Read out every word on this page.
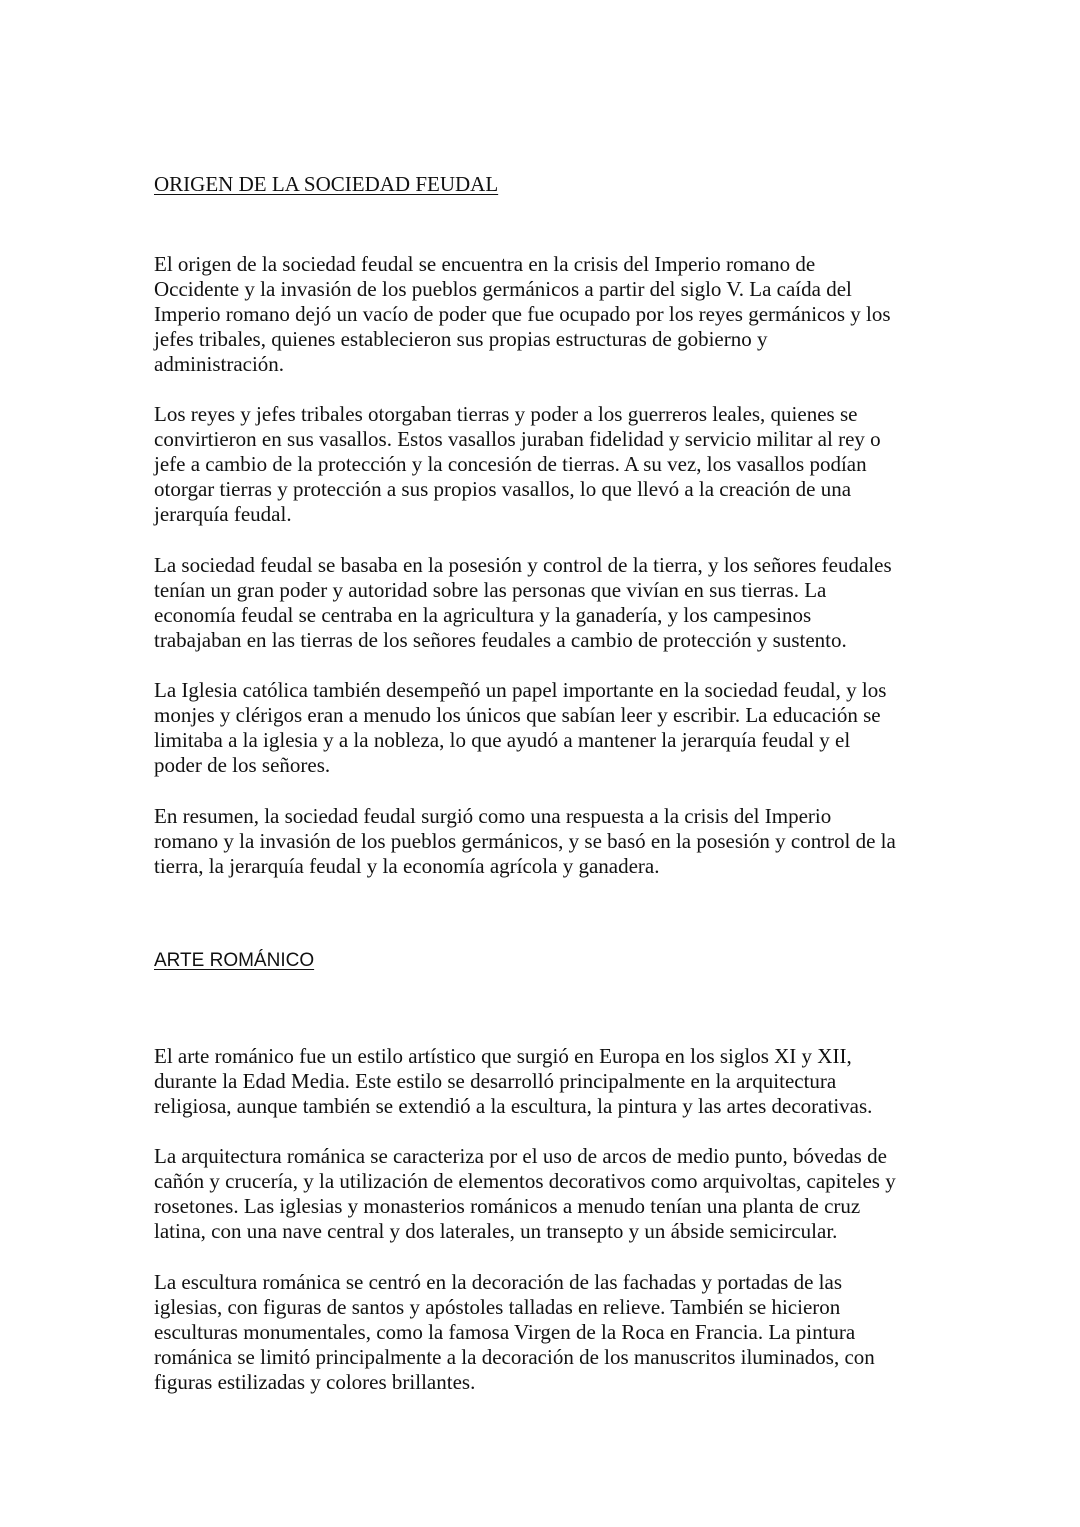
ORIGEN DE LA SOCIEDAD FEUDAL

El origen de la sociedad feudal se encuentra en la crisis del Imperio romano de
Occidente y la invasión de los pueblos germánicos a partir del siglo V. La caída del
Imperio romano dejó un vacío de poder que fue ocupado por los reyes germánicos y los
jefes tribales, quienes establecieron sus propias estructuras de gobierno y
administración.

Los reyes y jefes tribales otorgaban tierras y poder a los guerreros leales, quienes se
convirtieron en sus vasallos. Estos vasallos juraban fidelidad y servicio militar al rey o
jefe a cambio de la protección y la concesión de tierras. A su vez, los vasallos podían
otorgar tierras y protección a sus propios vasallos, lo que llevó a la creación de una
jerarquía feudal.

La sociedad feudal se basaba en la posesión y control de la tierra, y los señores feudales
tenían un gran poder y autoridad sobre las personas que vivían en sus tierras. La
economía feudal se centraba en la agricultura y la ganadería, y los campesinos
trabajaban en las tierras de los señores feudales a cambio de protección y sustento.

La Iglesia católica también desempeñó un papel importante en la sociedad feudal, y los
monjes y clérigos eran a menudo los únicos que sabían leer y escribir. La educación se
limitaba a la iglesia y a la nobleza, lo que ayudó a mantener la jerarquía feudal y el
poder de los señores.

En resumen, la sociedad feudal surgió como una respuesta a la crisis del Imperio
romano y la invasión de los pueblos germánicos, y se basó en la posesión y control de la
tierra, la jerarquía feudal y la economía agrícola y ganadera.

ARTE ROMÁNICO

El arte románico fue un estilo artístico que surgió en Europa en los siglos XI y XII,
durante la Edad Media. Este estilo se desarrolló principalmente en la arquitectura
religiosa, aunque también se extendió a la escultura, la pintura y las artes decorativas.

La arquitectura románica se caracteriza por el uso de arcos de medio punto, bóvedas de
cañón y crucería, y la utilización de elementos decorativos como arquivoltas, capiteles y
rosetones. Las iglesias y monasterios románicos a menudo tenían una planta de cruz
latina, con una nave central y dos laterales, un transepto y un ábside semicircular.

La escultura románica se centró en la decoración de las fachadas y portadas de las
iglesias, con figuras de santos y apóstoles talladas en relieve. También se hicieron
esculturas monumentales, como la famosa Virgen de la Roca en Francia. La pintura
románica se limitó principalmente a la decoración de los manuscritos iluminados, con
figuras estilizadas y colores brillantes.
